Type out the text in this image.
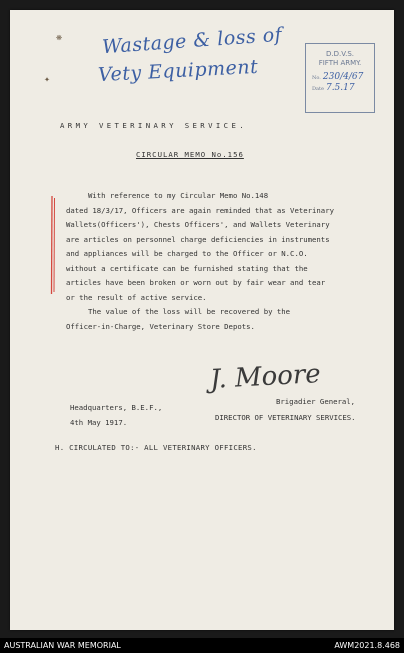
❋
✦
Wastage & loss of
Vety Equipment
D.D.V.S.
FIFTH ARMY.
No. 230/4/67
Date 7.5.17
ARMY VETERINARY SERVICE.
CIRCULAR MEMO No.156
With reference to my Circular Memo No.148
dated 18/3/17, Officers are again reminded that as Veterinary
Wallets(Officers'), Chests Officers', and Wallets Veterinary
are articles on personnel charge deficiencies in instruments
and appliances will be charged to the Officer or N.C.O.
without a certificate can be furnished stating that the
articles have been broken or worn out by fair wear and tear
or the result of active service.
The value of the loss will be recovered by the
Officer-in-Charge, Veterinary Store Depots.
J. Moore
Brigadier General,
DIRECTOR OF VETERINARY SERVICES.
Headquarters, B.E.F.,
4th May 1917.
H. CIRCULATED TO:- ALL VETERINARY OFFICERS.
AUSTRALIAN WAR MEMORIAL	AWM2021.8.468
